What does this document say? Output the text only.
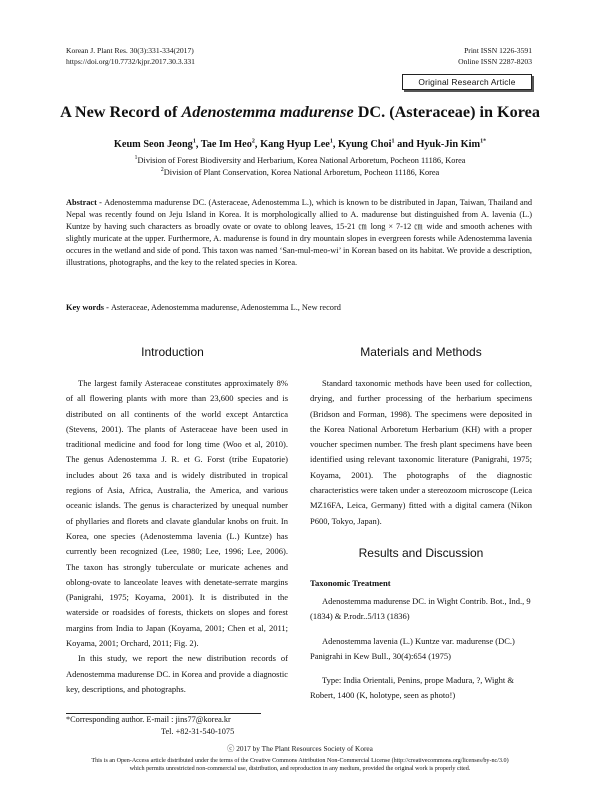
Korean J. Plant Res. 30(3):331-334(2017)
https://doi.org/10.7732/kjpr.2017.30.3.331
Print ISSN 1226-3591
Online ISSN 2287-8203
Original Research Article
A New Record of Adenostemma madurense DC. (Asteraceae) in Korea
Keum Seon Jeong$^1$, Tae Im Heo$^2$, Kang Hyup Lee$^1$, Kyung Choi$^1$ and Hyuk-Jin Kim$^{1*}$
$^1$Division of Forest Biodiversity and Herbarium, Korea National Arboretum, Pocheon 11186, Korea
$^2$Division of Plant Conservation, Korea National Arboretum, Pocheon 11186, Korea
Abstract - Adenostemma madurense DC. (Asteraceae, Adenostemma L.), which is known to be distributed in Japan, Taiwan, Thailand and Nepal was recently found on Jeju Island in Korea. It is morphologically allied to A. madurense but distinguished from A. lavenia (L.) Kuntze by having such characters as broadly ovate or ovate to oblong leaves, 15-21 ㎝ long × 7-12 ㎝ wide and smooth achenes with slightly muricate at the upper. Furthermore, A. madurense is found in dry mountain slopes in evergreen forests while Adenostemma lavenia occures in the wetland and side of pond. This taxon was named ‘San-mul-meo-wi’ in Korean based on its habitat. We provide a description, illustrations, photographs, and the key to the related species in Korea.
Key words - Asteraceae, Adenostemma madurense, Adenostemma L., New record
Introduction

The largest family Asteraceae constitutes approximately 8% of all flowering plants with more than 23,600 species and is distributed on all continents of the world except Antarctica (Stevens, 2001). The plants of Asteraceae have been used in traditional medicine and food for long time (Woo et al, 2010). The genus Adenostemma J. R. et G. Forst (tribe Eupatorie) includes about 26 taxa and is widely distributed in tropical regions of Asia, Africa, Australia, the America, and various oceanic islands. The genus is characterized by unequal number of phyllaries and florets and clavate glandular knobs on fruit. In Korea, one species (Adenostemma lavenia (L.) Kuntze) has currently been recognized (Lee, 1980; Lee, 1996; Lee, 2006). The taxon has strongly tuberculate or muricate achenes and oblong-ovate to lanceolate leaves with denetate-serrate margins (Panigrahi, 1975; Koyama, 2001). It is distributed in the waterside or roadsides of forests, thickets on slopes and forest margins from India to Japan (Koyama, 2001; Chen et al, 2011; Koyama, 2001; Orchard, 2011; Fig. 2).

In this study, we report the new distribution records of Adenostemma madurense DC. in Korea and provide a diagnostic key, descriptions, and photographs.

Materials and Methods

Standard taxonomic methods have been used for collection, drying, and further processing of the herbarium specimens (Bridson and Forman, 1998). The specimens were deposited in the Korea National Arboretum Herbarium (KH) with a proper voucher specimen number. The fresh plant specimens have been identified using relevant taxonomic literature (Panigrahi, 1975; Koyama, 2001). The photographs of the diagnostic characteristics were taken under a stereozoom microscope (Leica MZ16FA, Leica, Germany) fitted with a digital camera (Nikon P600, Tokyo, Japan).

Results and Discussion
Taxonomic Treatment

Adenostemma madurense DC. in Wight Contrib. Bot., Ind., 9 (1834) & P.rodr..5/l13 (1836)

Adenostemma lavenia (L.) Kuntze var. madurense (DC.) Panigrahi in Kew Bull., 30(4):654 (1975)

Type: India Orientali, Penins, prope Madura, ?, Wight & Robert, 1400 (K, holotype, seen as photo!)

*Corresponding author. E-mail : jins77@korea.kr
Tel. +82-31-540-1075
ⓒ 2017 by The Plant Resources Society of Korea
This is an Open-Access article distributed under the terms of the Creative Commons Attribution Non-Commercial License (http://creativecommons.org/licenses/by-nc/3.0)
which permits unrestricted non-commercial use, distribution, and reproduction in any medium, provided the original work is properly cited.
